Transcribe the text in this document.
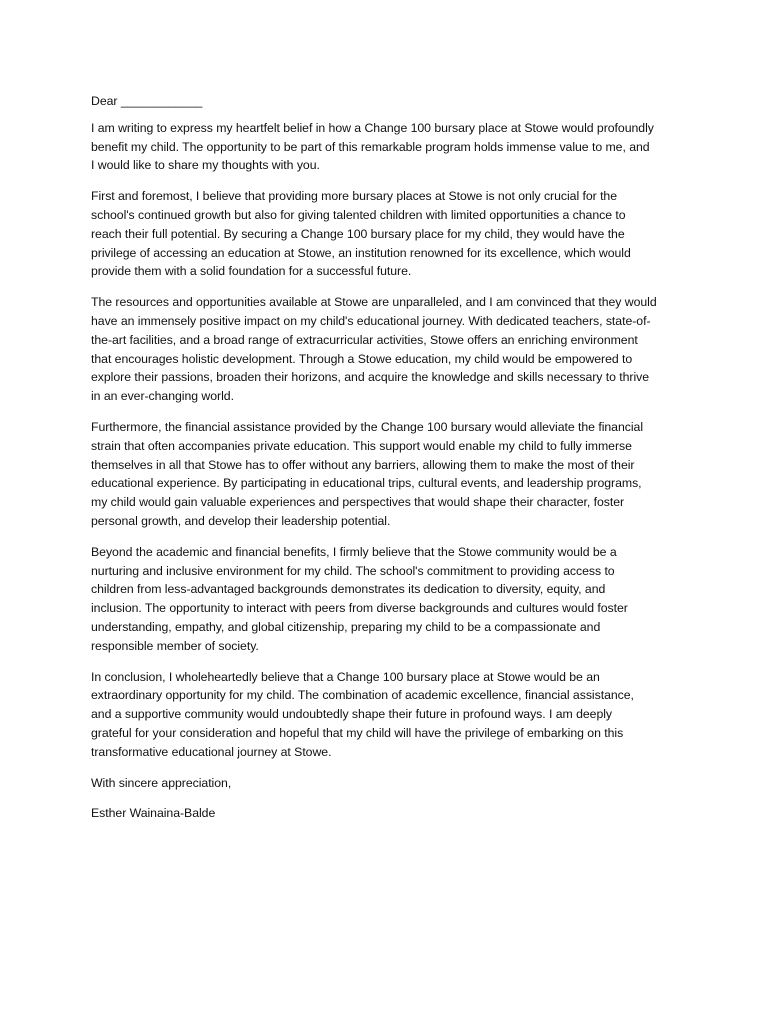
Dear ____________
I am writing to express my heartfelt belief in how a Change 100 bursary place at Stowe would profoundly
benefit my child. The opportunity to be part of this remarkable program holds immense value to me, and
I would like to share my thoughts with you.
First and foremost, I believe that providing more bursary places at Stowe is not only crucial for the
school's continued growth but also for giving talented children with limited opportunities a chance to
reach their full potential. By securing a Change 100 bursary place for my child, they would have the
privilege of accessing an education at Stowe, an institution renowned for its excellence, which would
provide them with a solid foundation for a successful future.
The resources and opportunities available at Stowe are unparalleled, and I am convinced that they would
have an immensely positive impact on my child's educational journey. With dedicated teachers, state-of-
the-art facilities, and a broad range of extracurricular activities, Stowe offers an enriching environment
that encourages holistic development. Through a Stowe education, my child would be empowered to
explore their passions, broaden their horizons, and acquire the knowledge and skills necessary to thrive
in an ever-changing world.
Furthermore, the financial assistance provided by the Change 100 bursary would alleviate the financial
strain that often accompanies private education. This support would enable my child to fully immerse
themselves in all that Stowe has to offer without any barriers, allowing them to make the most of their
educational experience. By participating in educational trips, cultural events, and leadership programs,
my child would gain valuable experiences and perspectives that would shape their character, foster
personal growth, and develop their leadership potential.
Beyond the academic and financial benefits, I firmly believe that the Stowe community would be a
nurturing and inclusive environment for my child. The school's commitment to providing access to
children from less-advantaged backgrounds demonstrates its dedication to diversity, equity, and
inclusion. The opportunity to interact with peers from diverse backgrounds and cultures would foster
understanding, empathy, and global citizenship, preparing my child to be a compassionate and
responsible member of society.
In conclusion, I wholeheartedly believe that a Change 100 bursary place at Stowe would be an
extraordinary opportunity for my child. The combination of academic excellence, financial assistance,
and a supportive community would undoubtedly shape their future in profound ways. I am deeply
grateful for your consideration and hopeful that my child will have the privilege of embarking on this
transformative educational journey at Stowe.
With sincere appreciation,
Esther Wainaina-Balde
